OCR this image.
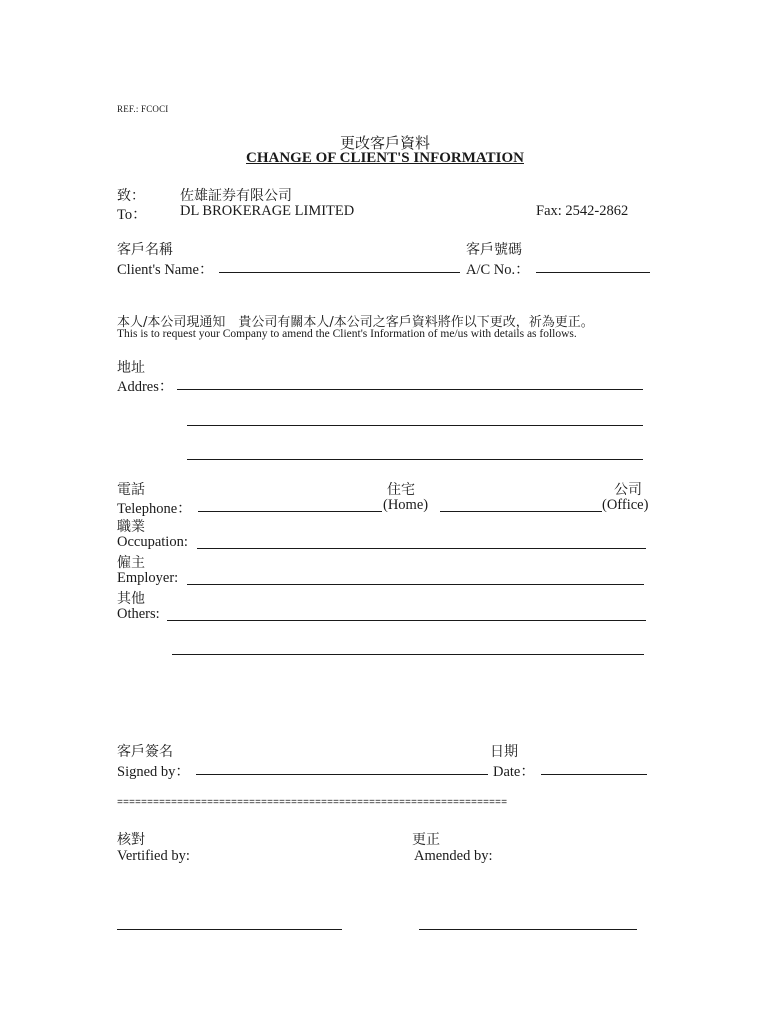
REF.: FCOCI
更改客戶資料
CHANGE OF CLIENT'S INFORMATION
致：	佐雄証券有限公司
To： DL BROKERAGE LIMITED	Fax: 2542-2862
客戶名稱	客戶號碼
Client's Name：	A/C No.：
本人/本公司現通知　貴公司有關本人/本公司之客戶資料將作以下更改，祈為更正。
This is to request your Company to amend the Client's Information of me/us with details as follows.
地址
Addres：
電話	住宅	公司
Telephone：	(Home)	(Office)
職業
Occupation:
僱主
Employer:
其他
Others:
客戶簽名	日期
Signed by：	Date：
=================================================================
核對	更正
Vertified by:	Amended by:
